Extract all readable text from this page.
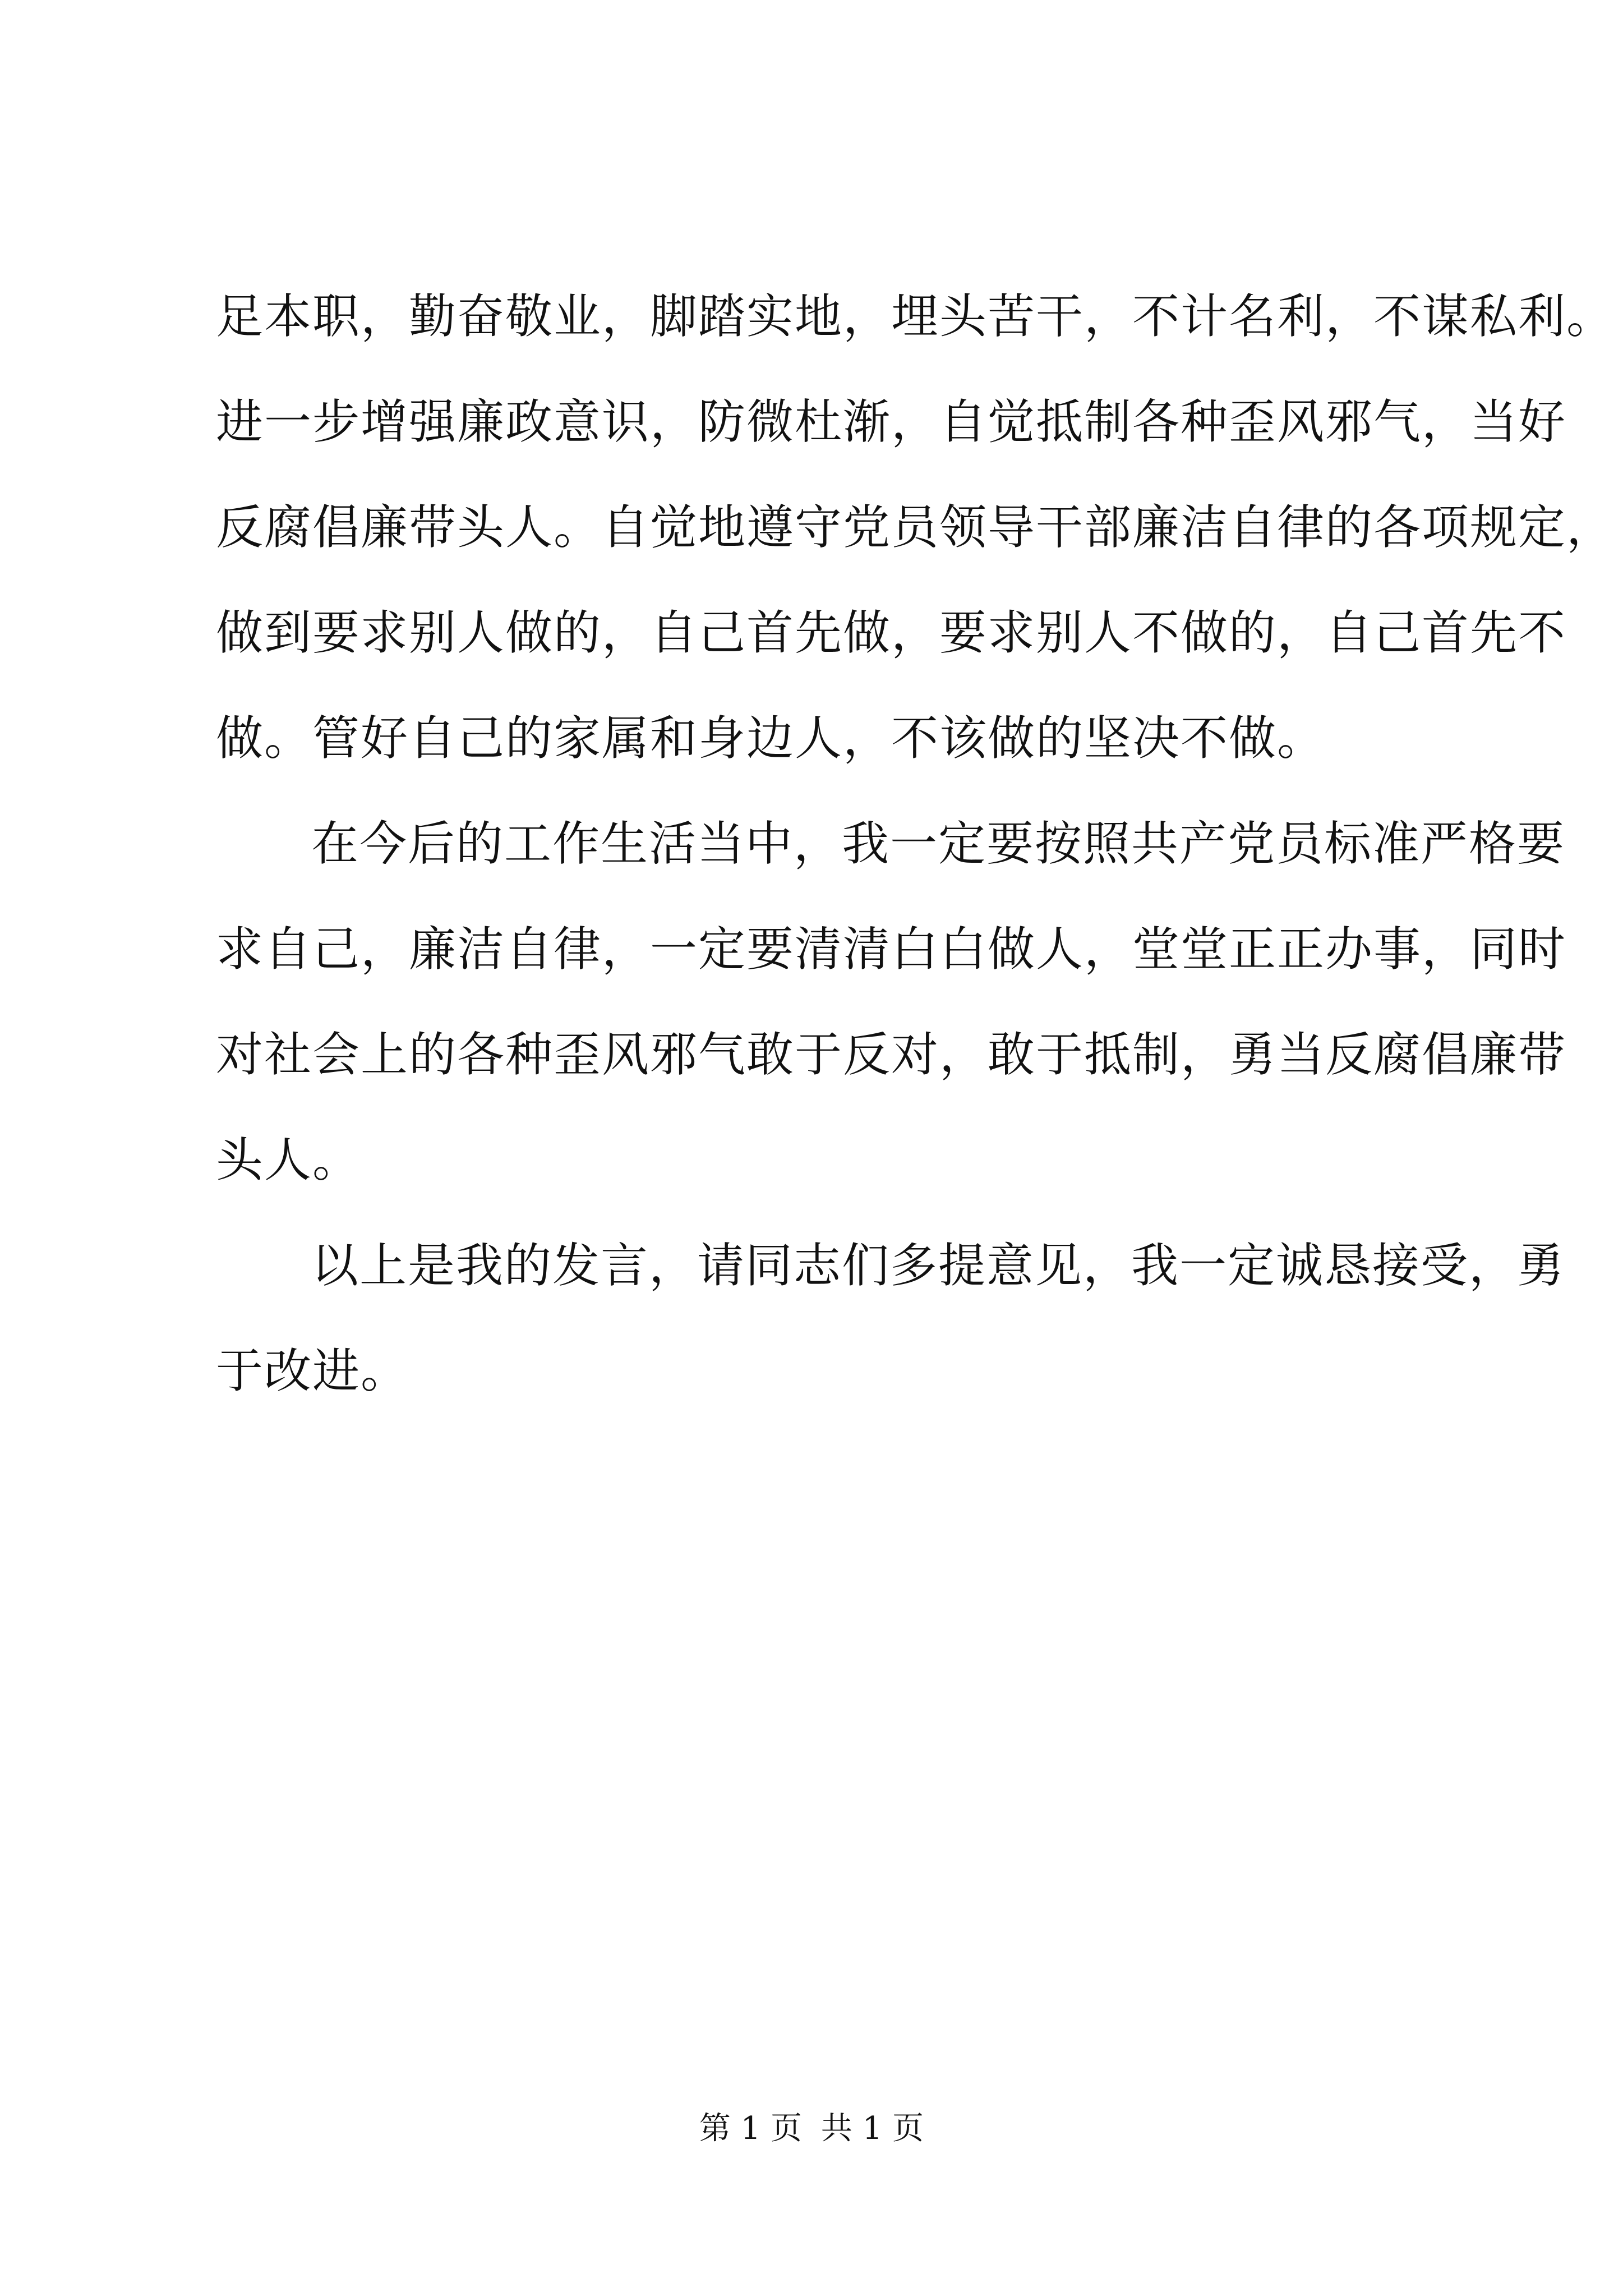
足本职，勤奋敬业，脚踏实地，埋头苦干，不计名利，不谋私利。
进一步增强廉政意识，防微杜渐，自觉抵制各种歪风邪气，当好
反腐倡廉带头人。自觉地遵守党员领导干部廉洁自律的各项规定，
做到要求别人做的，自己首先做，要求别人不做的，自己首先不
做。管好自己的家属和身边人，不该做的坚决不做。
在今后的工作生活当中，我一定要按照共产党员标准严格要
求自己，廉洁自律，一定要清清白白做人，堂堂正正办事，同时
对社会上的各种歪风邪气敢于反对，敢于抵制，勇当反腐倡廉带
头人。
以上是我的发言，请同志们多提意见，我一定诚恳接受，勇
于改进。
第 1 页 共 1 页
